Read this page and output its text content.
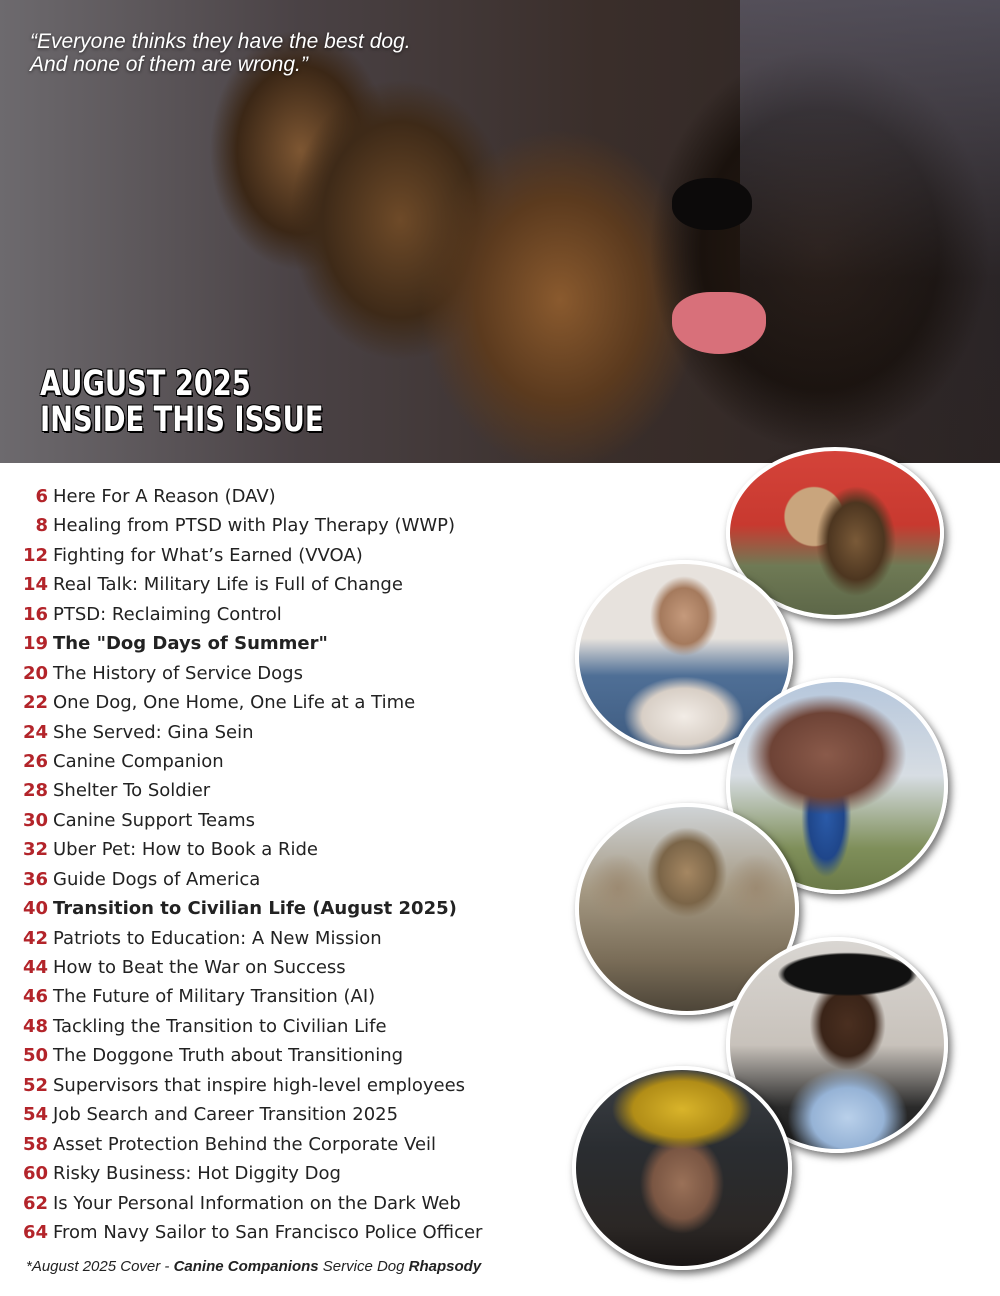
“Everyone thinks they have the best dog.
And none of them are wrong.”

AUGUST 2025
INSIDE THIS ISSUE
6 Here For A Reason (DAV)
8 Healing from PTSD with Play Therapy (WWP)
12 Fighting for What’s Earned (VVOA)
14 Real Talk: Military Life is Full of Change
16 PTSD: Reclaiming Control
19 The "Dog Days of Summer"
20 The History of Service Dogs
22 One Dog, One Home, One Life at a Time
24 She Served: Gina Sein
26 Canine Companion
28 Shelter To Soldier
30 Canine Support Teams
32 Uber Pet: How to Book a Ride
36 Guide Dogs of America
40 Transition to Civilian Life (August 2025)
42 Patriots to Education: A New Mission
44 How to Beat the War on Success
46 The Future of Military Transition (AI)
48 Tackling the Transition to Civilian Life
50 The Doggone Truth about Transitioning
52 Supervisors that inspire high-level employees
54 Job Search and Career Transition 2025
58 Asset Protection Behind the Corporate Veil
60 Risky Business: Hot Diggity Dog
62 Is Your Personal Information on the Dark Web
64 From Navy Sailor to San Francisco Police Officer

*August 2025 Cover - Canine Companions Service Dog Rhapsody
